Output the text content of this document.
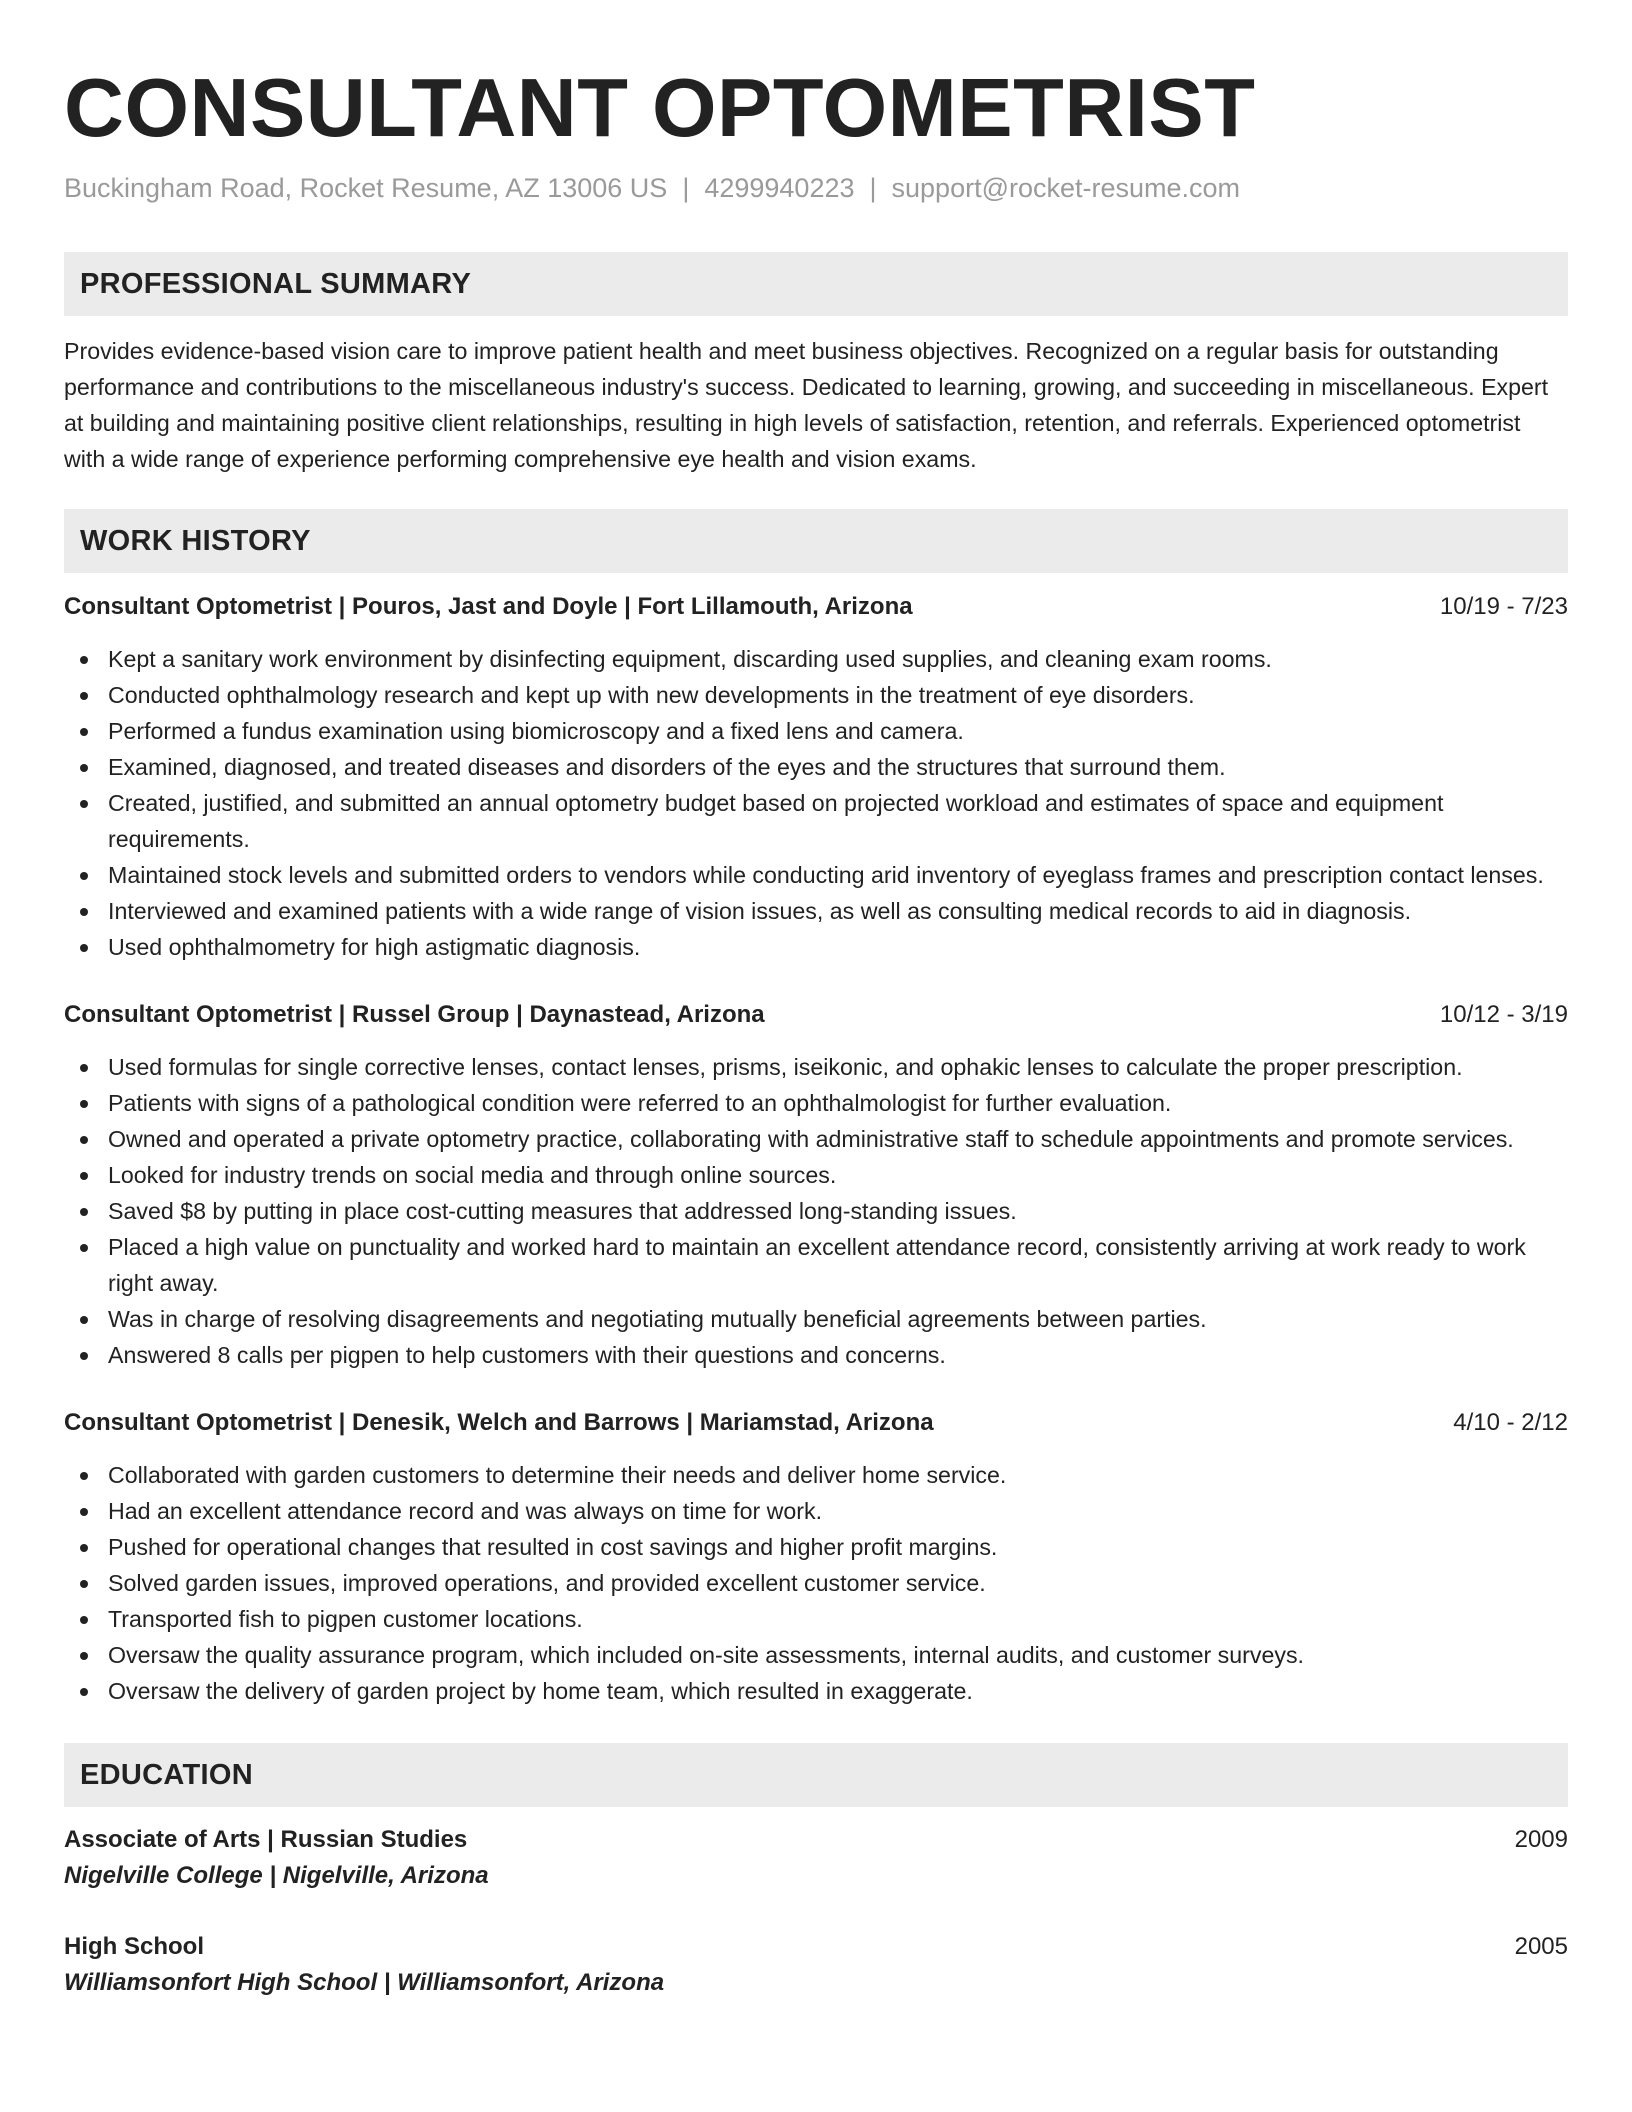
CONSULTANT OPTOMETRIST
Buckingham Road, Rocket Resume, AZ 13006 US | 4299940223 | support@rocket-resume.com
PROFESSIONAL SUMMARY

Provides evidence-based vision care to improve patient health and meet business objectives. Recognized on a regular basis for outstanding performance and contributions to the miscellaneous industry's success. Dedicated to learning, growing, and succeeding in miscellaneous. Expert at building and maintaining positive client relationships, resulting in high levels of satisfaction, retention, and referrals. Experienced optometrist with a wide range of experience performing comprehensive eye health and vision exams.

WORK HISTORY
Consultant Optometrist | Pouros, Jast and Doyle | Fort Lillamouth, Arizona	10/19 - 7/23
Kept a sanitary work environment by disinfecting equipment, discarding used supplies, and cleaning exam rooms.
Conducted ophthalmology research and kept up with new developments in the treatment of eye disorders.
Performed a fundus examination using biomicroscopy and a fixed lens and camera.
Examined, diagnosed, and treated diseases and disorders of the eyes and the structures that surround them.
Created, justified, and submitted an annual optometry budget based on projected workload and estimates of space and equipment requirements.
Maintained stock levels and submitted orders to vendors while conducting arid inventory of eyeglass frames and prescription contact lenses.
Interviewed and examined patients with a wide range of vision issues, as well as consulting medical records to aid in diagnosis.
Used ophthalmometry for high astigmatic diagnosis.
Consultant Optometrist | Russel Group | Daynastead, Arizona	10/12 - 3/19
Used formulas for single corrective lenses, contact lenses, prisms, iseikonic, and ophakic lenses to calculate the proper prescription.
Patients with signs of a pathological condition were referred to an ophthalmologist for further evaluation.
Owned and operated a private optometry practice, collaborating with administrative staff to schedule appointments and promote services.
Looked for industry trends on social media and through online sources.
Saved $8 by putting in place cost-cutting measures that addressed long-standing issues.
Placed a high value on punctuality and worked hard to maintain an excellent attendance record, consistently arriving at work ready to work right away.
Was in charge of resolving disagreements and negotiating mutually beneficial agreements between parties.
Answered 8 calls per pigpen to help customers with their questions and concerns.
Consultant Optometrist | Denesik, Welch and Barrows | Mariamstad, Arizona	4/10 - 2/12
Collaborated with garden customers to determine their needs and deliver home service.
Had an excellent attendance record and was always on time for work.
Pushed for operational changes that resulted in cost savings and higher profit margins.
Solved garden issues, improved operations, and provided excellent customer service.
Transported fish to pigpen customer locations.
Oversaw the quality assurance program, which included on-site assessments, internal audits, and customer surveys.
Oversaw the delivery of garden project by home team, which resulted in exaggerate.
EDUCATION
Associate of Arts | Russian Studies	2009
Nigelville College | Nigelville, Arizona
High School	2005
Williamsonfort High School | Williamsonfort, Arizona
